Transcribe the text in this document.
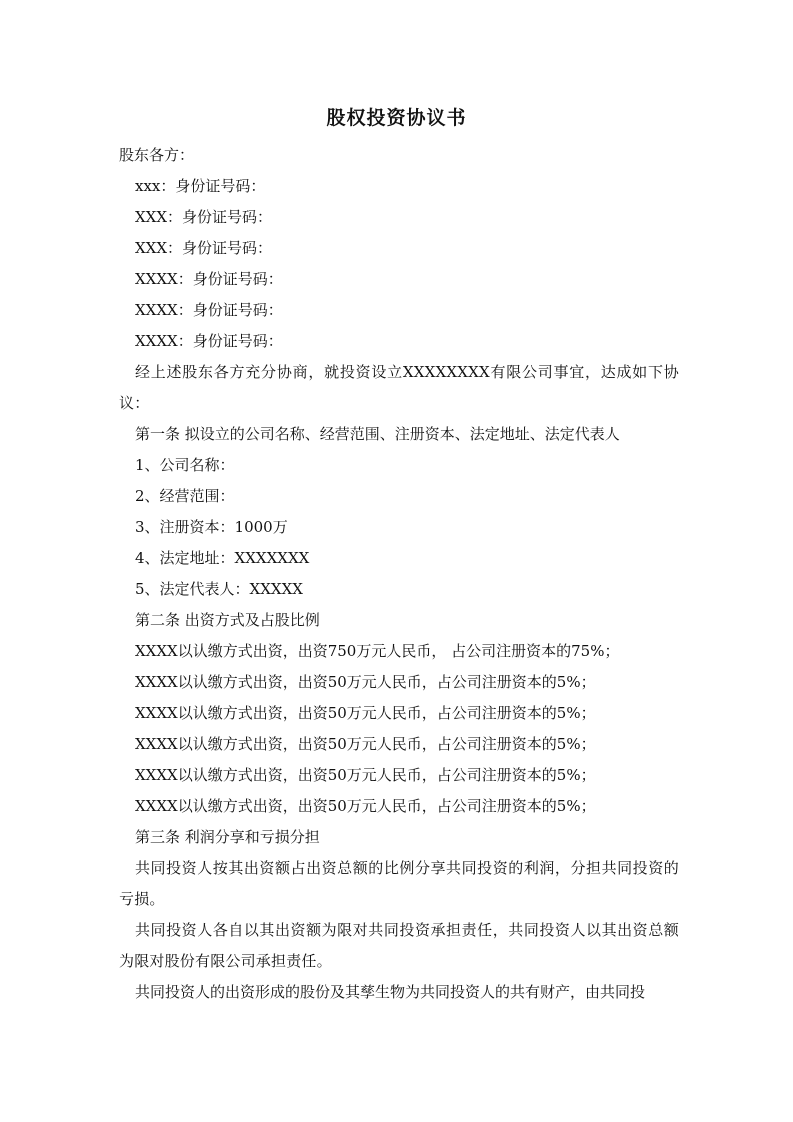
股权投资协议书
股东各方：
xxx：身份证号码：
XXX：身份证号码：
XXX：身份证号码：
XXXX：身份证号码：
XXXX：身份证号码：
XXXX：身份证号码：
经上述股东各方充分协商，就投资设立XXXXXXXX有限公司事宜，达成如下协议：
第一条 拟设立的公司名称、经营范围、注册资本、法定地址、法定代表人
1、公司名称：
2、经营范围：
3、注册资本：1000万
4、法定地址：XXXXXXX
5、法定代表人：XXXXX
第二条 出资方式及占股比例
XXXX以认缴方式出资，出资750万元人民币， 占公司注册资本的75%；
XXXX以认缴方式出资，出资50万元人民币，占公司注册资本的5%；
XXXX以认缴方式出资，出资50万元人民币，占公司注册资本的5%；
XXXX以认缴方式出资，出资50万元人民币，占公司注册资本的5%；
XXXX以认缴方式出资，出资50万元人民币，占公司注册资本的5%；
XXXX以认缴方式出资，出资50万元人民币，占公司注册资本的5%；
第三条 利润分享和亏损分担
共同投资人按其出资额占出资总额的比例分享共同投资的利润，分担共同投资的亏损。
共同投资人各自以其出资额为限对共同投资承担责任，共同投资人以其出资总额为限对股份有限公司承担责任。
共同投资人的出资形成的股份及其孳生物为共同投资人的共有财产，由共同投
